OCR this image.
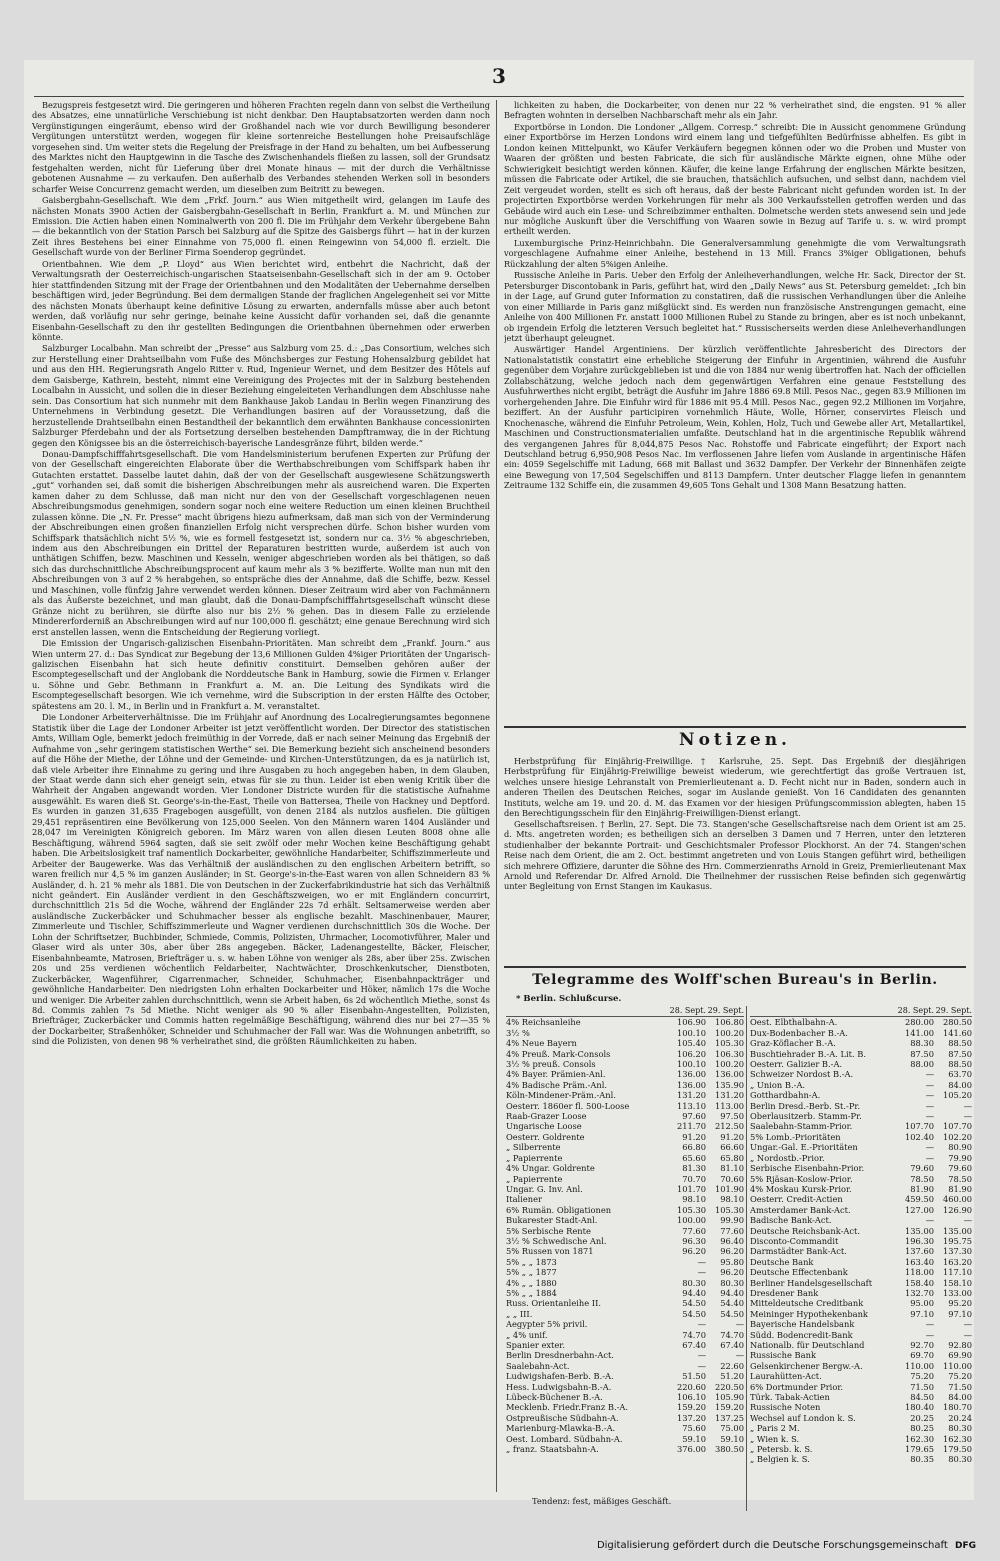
3

Bezugspreis festgesetzt wird. Die geringeren und höheren Frachten regeln dann von selbst die Vertheilung des Absatzes, eine unnatürliche Verschiebung ist nicht denkbar. Den Hauptabsatzorten werden dann noch Vergünstigungen eingeräumt, ebenso wird der Großhandel nach wie vor durch Bewilligung besonderer Vergütungen unterstützt werden, wogegen für kleine sortenreiche Bestellungen hohe Preisaufschläge vorgesehen sind. Um weiter stets die Regelung der Preisfrage in der Hand zu behalten, um bei Aufbesserung des Marktes nicht den Hauptgewinn in die Tasche des Zwischenhandels fließen zu lassen, soll der Grundsatz festgehalten werden, nicht für Lieferung über drei Monate hinaus — mit der durch die Verhältnisse gebotenen Ausnahme — zu verkaufen. Den außerhalb des Verbandes stehenden Werken soll in besonders scharfer Weise Concurrenz gemacht werden, um dieselben zum Beitritt zu bewegen.

Gaisbergbahn-Gesellschaft. Wie dem „Frkf. Journ.“ aus Wien mitgetheilt wird, gelangen im Laufe des nächsten Monats 3900 Actien der Gaisbergbahn-Gesellschaft in Berlin, Frankfurt a. M. und München zur Emission. Die Actien haben einen Nominalwerth von 200 fl. Die im Frühjahr dem Verkehr übergebene Bahn — die bekanntlich von der Station Parsch bei Salzburg auf die Spitze des Gaisbergs führt — hat in der kurzen Zeit ihres Bestehens bei einer Einnahme von 75,000 fl. einen Reingewinn von 54,000 fl. erzielt. Die Gesellschaft wurde von der Berliner Firma Soenderop gegründet.

Orientbahnen. Wie dem „P. Lloyd“ aus Wien berichtet wird, entbehrt die Nachricht, daß der Verwaltungsrath der Oesterreichisch-ungarischen Staatseisenbahn-Gesellschaft sich in der am 9. October hier stattfindenden Sitzung mit der Frage der Orientbahnen und den Modalitäten der Uebernahme derselben beschäftigen wird, jeder Begründung. Bei dem dermaligen Stande der fraglichen Angelegenheit sei vor Mitte des nächsten Monats überhaupt keine definitive Lösung zu erwarten, andernfalls müsse aber auch betont werden, daß vorläufig nur sehr geringe, beinahe keine Aussicht dafür vorhanden sei, daß die genannte Eisenbahn-Gesellschaft zu den ihr gestellten Bedingungen die Orientbahnen übernehmen oder erwerben könnte.

Salzburger Localbahn. Man schreibt der „Presse“ aus Salzburg vom 25. d.: „Das Consortium, welches sich zur Herstellung einer Drahtseilbahn vom Fuße des Mönchsberges zur Festung Hohensalzburg gebildet hat und aus den HH. Regierungsrath Angelo Ritter v. Rud, Ingenieur Wernet, und dem Besitzer des Hôtels auf dem Gaisberge, Kathrein, besteht, nimmt eine Vereinigung des Projectes mit der in Salzburg bestehenden Localbahn in Aussicht, und sollen die in dieser Beziehung eingeleiteten Verhandlungen dem Abschlusse nahe sein. Das Consortium hat sich nunmehr mit dem Bankhause Jakob Landau in Berlin wegen Finanzirung des Unternehmens in Verbindung gesetzt. Die Verhandlungen basiren auf der Voraussetzung, daß die herzustellende Drahtseilbahn einen Bestandtheil der bekanntlich dem erwähnten Bankhause concessionirten Salzburger Pferdebahn und der als Fortsetzung derselben bestehenden Dampftramway, die in der Richtung gegen den Königssee bis an die österreichisch-bayerische Landesgränze führt, bilden werde.“

Donau-Dampfschifffahrtsgesellschaft. Die vom Handelsministerium berufenen Experten zur Prüfung der von der Gesellschaft eingereichten Elaborate über die Werthabschreibungen vom Schiffspark haben ihr Gutachten erstattet. Dasselbe lautet dahin, daß der von der Gesellschaft ausgewiesene Schätzungswerth „gut“ vorhanden sei, daß somit die bisherigen Abschreibungen mehr als ausreichend waren. Die Experten kamen daher zu dem Schlusse, daß man nicht nur den von der Gesellschaft vorgeschlagenen neuen Abschreibungsmodus genehmigen, sondern sogar noch eine weitere Reduction um einen kleinen Bruchtheil zulassen könne. Die „N. Fr. Presse“ macht übrigens hiezu aufmerksam, daß man sich von der Verminderung der Abschreibungen einen großen finanziellen Erfolg nicht versprechen dürfe. Schon bisher wurden vom Schiffspark thatsächlich nicht 5½ %, wie es formell festgesetzt ist, sondern nur ca. 3½ % abgeschrieben, indem aus den Abschreibungen ein Drittel der Reparaturen bestritten wurde, außerdem ist auch von unthätigen Schiffen, bezw. Maschinen und Kesseln, weniger abgeschrieben worden als bei thätigen, so daß sich das durchschnittliche Abschreibungsprocent auf kaum mehr als 3 % bezifferte. Wollte man nun mit den Abschreibungen von 3 auf 2 % herabgehen, so entspräche dies der Annahme, daß die Schiffe, bezw. Kessel und Maschinen, volle fünfzig Jahre verwendet werden können. Dieser Zeitraum wird aber von Fachmännern als das Äußerste bezeichnet, und man glaubt, daß die Donau-Dampfschifffahrtsgesellschaft wünscht diese Gränze nicht zu berühren, sie dürfte also nur bis 2½ % gehen. Das in diesem Falle zu erzielende Mindererforderniß an Abschreibungen wird auf nur 100,000 fl. geschätzt; eine genaue Berechnung wird sich erst anstellen lassen, wenn die Entscheidung der Regierung vorliegt.

Die Emission der Ungarisch-galizischen Eisenbahn-Prioritäten. Man schreibt dem „Frankf. Journ.“ aus Wien unterm 27. d.: Das Syndicat zur Begebung der 13,6 Millionen Gulden 4%iger Prioritäten der Ungarisch-galizischen Eisenbahn hat sich heute definitiv constituirt. Demselben gehören außer der Escomptegesellschaft und der Anglobank die Norddeutsche Bank in Hamburg, sowie die Firmen v. Erlanger u. Söhne und Gebr. Bethmann in Frankfurt a. M. an. Die Leitung des Syndikats wird die Escomptegesellschaft besorgen. Wie ich vernehme, wird die Subscription in der ersten Hälfte des October, spätestens am 20. l. M., in Berlin und in Frankfurt a. M. veranstaltet.

Die Londoner Arbeiterverhältnisse. Die im Frühjahr auf Anordnung des Localregierungsamtes begonnene Statistik über die Lage der Londoner Arbeiter ist jetzt veröffentlicht worden. Der Director des statistischen Amts, William Ogle, bemerkt jedoch freimüthig in der Vorrede, daß er nach seiner Meinung das Ergebniß der Aufnahme von „sehr geringem statistischen Werthe“ sei. Die Bemerkung bezieht sich anscheinend besonders auf die Höhe der Miethe, der Löhne und der Gemeinde- und Kirchen-Unterstützungen, da es ja natürlich ist, daß viele Arbeiter ihre Einnahme zu gering und ihre Ausgaben zu hoch angegeben haben, in dem Glauben, der Staat werde dann sich eher geneigt sein, etwas für sie zu thun. Leider ist eben wenig Kritik über die Wahrheit der Angaben angewandt worden. Vier Londoner Districte wurden für die statistische Aufnahme ausgewählt. Es waren dieß St. George's-in-the-East, Theile von Battersea, Theile von Hackney und Deptford. Es wurden in ganzen 31,635 Fragebogen ausgefüllt, von denen 2184 als nutzlos ausfielen. Die gültigen 29,451 repräsentiren eine Bevölkerung von 125,000 Seelen. Von den Männern waren 1404 Ausländer und 28,047 im Vereinigten Königreich geboren. Im März waren von allen diesen Leuten 8008 ohne alle Beschäftigung, während 5964 sagten, daß sie seit zwölf oder mehr Wochen keine Beschäftigung gehabt haben. Die Arbeitslosigkeit traf namentlich Dockarbeiter, gewöhnliche Handarbeiter, Schiffszimmerleute und Arbeiter der Baugewerke. Was das Verhältniß der ausländischen zu den englischen Arbeitern betrifft, so waren freilich nur 4,5 % im ganzen Ausländer; in St. George's-in-the-East waren von allen Schneidern 83 % Ausländer, d. h. 21 % mehr als 1881. Die von Deutschen in der Zuckerfabrikindustrie hat sich das Verhältniß nicht geändert. Ein Ausländer verdient in den Geschäftszweigen, wo er mit Engländern concurrirt, durchschnittlich 21s 5d die Woche, während der Engländer 22s 7d erhält. Seltsamerweise werden aber ausländische Zuckerbäcker und Schuhmacher besser als englische bezahlt. Maschinenbauer, Maurer, Zimmerleute und Tischler, Schiffszimmerleute und Wagner verdienen durchschnittlich 30s die Woche. Der Lohn der Schriftsetzer, Buchbinder, Schmiede, Commis, Polizisten, Uhrmacher, Locomotivführer, Maler und Glaser wird als unter 30s, aber über 28s angegeben. Bäcker, Ladenangestellte, Bäcker, Fleischer, Eisenbahnbeamte, Matrosen, Briefträger u. s. w. haben Löhne von weniger als 28s, aber über 25s. Zwischen 20s und 25s verdienen wöchentlich Feldarbeiter, Nachtwächter, Droschkenkutscher, Dienstboten, Zuckerbäcker, Wagenführer, Cigarrenmacher, Schneider, Schuhmacher, Eisenbahnpackträger und gewöhnliche Handarbeiter. Den niedrigsten Lohn erhalten Dockarbeiter und Höker, nämlich 17s die Woche und weniger. Die Arbeiter zahlen durchschnittlich, wenn sie Arbeit haben, 6s 2d wöchentlich Miethe, sonst 4s 8d. Commis zahlen 7s 5d Miethe. Nicht weniger als 90 % aller Eisenbahn-Angestellten, Polizisten, Briefträger, Zuckerbäcker und Commis hatten regelmäßige Beschäftigung, während dies nur bei 27—35 % der Dockarbeiter, Straßenhöker, Schneider und Schuhmacher der Fall war. Was die Wohnungen anbetrifft, so sind die Polizisten, von denen 98 % verheirathet sind, die größten Räumlichkeiten zu haben.

lichkeiten zu haben, die Dockarbeiter, von denen nur 22 % verheirathet sind, die engsten. 91 % aller Befragten wohnten in derselben Nachbarschaft mehr als ein Jahr.

Exportbörse in London. Die Londoner „Allgem. Corresp.“ schreibt: Die in Aussicht genommene Gründung einer Exportbörse im Herzen Londons wird einem lang und tiefgefühlten Bedürfnisse abhelfen. Es gibt in London keinen Mittelpunkt, wo Käufer Verkäufern begegnen können oder wo die Proben und Muster von Waaren der größten und besten Fabricate, die sich für ausländische Märkte eignen, ohne Mühe oder Schwierigkeit besichtigt werden können. Käufer, die keine lange Erfahrung der englischen Märkte besitzen, müssen die Fabricate oder Artikel, die sie brauchen, thatsächlich aufsuchen, und selbst dann, nachdem viel Zeit vergeudet worden, stellt es sich oft heraus, daß der beste Fabricant nicht gefunden worden ist. In der projectirten Exportbörse werden Vorkehrungen für mehr als 300 Verkaufsstellen getroffen werden und das Gebäude wird auch ein Lese- und Schreibzimmer enthalten. Dolmetsche werden stets anwesend sein und jede nur mögliche Auskunft über die Verschiffung von Waaren sowie in Bezug auf Tarife u. s. w. wird prompt ertheilt werden.

Luxemburgische Prinz-Heinrichbahn. Die Generalversammlung genehmigte die vom Verwaltungsrath vorgeschlagene Aufnahme einer Anleihe, bestehend in 13 Mill. Francs 3%iger Obligationen, behufs Rückzahlung der alten 5%igen Anleihe.

Russische Anleihe in Paris. Ueber den Erfolg der Anleiheverhandlungen, welche Hr. Sack, Director der St. Petersburger Discontobank in Paris, geführt hat, wird den „Daily News“ aus St. Petersburg gemeldet: „Ich bin in der Lage, auf Grund guter Information zu constatiren, daß die russischen Verhandlungen über die Anleihe von einer Milliarde in Paris ganz mißglückt sind. Es werden nun französische Anstrengungen gemacht, eine Anleihe von 400 Millionen Fr. anstatt 1000 Millionen Rubel zu Stande zu bringen, aber es ist noch unbekannt, ob irgendein Erfolg die letzteren Versuch begleitet hat.“ Russischerseits werden diese Anleiheverhandlungen jetzt überhaupt geleugnet.

Auswärtiger Handel Argentiniens. Der kürzlich veröffentlichte Jahresbericht des Directors der Nationalstatistik constatirt eine erhebliche Steigerung der Einfuhr in Argentinien, während die Ausfuhr gegenüber dem Vorjahre zurückgeblieben ist und die von 1884 nur wenig übertroffen hat. Nach der officiellen Zollabschätzung, welche jedoch nach dem gegenwärtigen Verfahren eine genaue Feststellung des Ausfuhrwerthes nicht ergibt, beträgt die Ausfuhr im Jahre 1886 69.8 Mill. Pesos Nac., gegen 83.9 Millionen im vorhergehenden Jahre. Die Einfuhr wird für 1886 mit 95.4 Mill. Pesos Nac., gegen 92.2 Millionen im Vorjahre, beziffert. An der Ausfuhr participiren vornehmlich Häute, Wolle, Hörner, conservirtes Fleisch und Knochenasche, während die Einfuhr Petroleum, Wein, Kohlen, Holz, Tuch und Gewebe aller Art, Metallartikel, Maschinen und Constructionsmaterialien umfaßte. Deutschland hat in die argentinische Republik während des vergangenen Jahres für 8,044,875 Pesos Nac. Rohstoffe und Fabricate eingeführt; der Export nach Deutschland betrug 6,950,908 Pesos Nac. Im verflossenen Jahre liefen vom Auslande in argentinische Häfen ein: 4059 Segelschiffe mit Ladung, 668 mit Ballast und 3632 Dampfer. Der Verkehr der Binnenhäfen zeigte eine Bewegung von 17,504 Segelschiffen und 8113 Dampfern. Unter deutscher Flagge liefen in genanntem Zeitraume 132 Schiffe ein, die zusammen 49,605 Tons Gehalt und 1308 Mann Besatzung hatten.

Notizen.

Herbstprüfung für Einjährig-Freiwillige. † Karlsruhe, 25. Sept. Das Ergebniß der diesjährigen Herbstprüfung für Einjährig-Freiwillige beweist wiederum, wie gerechtfertigt das große Vertrauen ist, welches unsere hiesige Lehranstalt von Premierlieutenant a. D. Fecht nicht nur in Baden, sondern auch in anderen Theilen des Deutschen Reiches, sogar im Auslande genießt. Von 16 Candidaten des genannten Instituts, welche am 19. und 20. d. M. das Examen vor der hiesigen Prüfungscommission ablegten, haben 15 den Berechtigungsschein für den Einjährig-Freiwilligen-Dienst erlangt.

Gesellschaftsreisen. † Berlin, 27. Sept. Die 73. Stangen'sche Gesellschaftsreise nach dem Orient ist am 25. d. Mts. angetreten worden; es betheiligen sich an derselben 3 Damen und 7 Herren, unter den letzteren studienhalber der bekannte Portrait- und Geschichtsmaler Professor Plockhorst. An der 74. Stangen'schen Reise nach dem Orient, die am 2. Oct. bestimmt angetreten und von Louis Stangen geführt wird, betheiligen sich mehrere Offiziere, darunter die Söhne des Hrn. Commerzienraths Arnold in Greiz, Premierlieutenant Max Arnold und Referendar Dr. Alfred Arnold. Die Theilnehmer der russischen Reise befinden sich gegenwärtig unter Begleitung von Ernst Stangen im Kaukasus.

Telegramme des Wolff'schen Bureau's in Berlin.
* Berlin. Schlußcurse.
28. Sept. 29. Sept.
4% Reichsanleihe	106.90	106.80
3½ %	100.10	100.20
4% Neue Bayern	105.40	105.30
4% Preuß. Mark-Consols	106.20	106.30
3½ % preuß. Consols	100.10	100.20
4% Bayer. Prämien-Anl.	136.00	136.00
4% Badische Präm.-Anl.	136.00	135.90
Köln-Mindener-Präm.-Anl.	131.20	131.20
Oesterr. 1860er fl. 500-Loose	113.10	113.00
Raab-Grazer Loose	97.60	97.50
Ungarische Loose	211.70	212.50
Oesterr. Goldrente	91.20	91.20
„ Silberrente	66.80	66.60
„ Papierrente	65.60	65.80
4% Ungar. Goldrente	81.30	81.10
„ Papierrente	70.70	70.60
Ungar. G. Inv. Anl.	101.70	101.90
Italiener	98.10	98.10
6% Rumän. Obligationen	105.30	105.30
Bukarester Stadt-Anl.	100.00	99.90
5% Serbische Rente	77.60	77.60
3½ % Schwedische Anl.	96.30	96.40
5% Russen von 1871	96.20	96.20
5% „ „ 1873	—	95.80
5% „ „ 1877	—	96.20
4% „ „ 1880	80.30	80.30
5% „ „ 1884	94.40	94.40
Russ. Orientanleihe II.	54.50	54.40
„ „ III.	54.50	54.50
Aegypter 5% privil.	—	—
„ 4% unif.	74.70	74.70
Spanier exter.	67.40	67.40
Berlin Dresdnerbahn-Act.	—	—
Saalebahn-Act.	—	22.60
Ludwigshafen-Berb. B.-A.	51.50	51.20
Hess. Ludwigsbahn-B.-A.	220.60	220.50
Lübeck-Büchener B.-A.	106.10	105.90
Mecklenb. Friedr.Franz B.-A.	159.20	159.20
Ostpreußische Südbahn-A.	137.20	137.25
Marienburg-Mlawka-B.-A.	75.60	75.00
Oest. Lombard. Südbahn-A.	59.10	59.10
„ franz. Staatsbahn-A.	376.00	380.50
28. Sept. 29. Sept.
Oest. Elbthalbahn-A.	280.00	280.50
Dux-Bodenbacher B.-A.	141.00	141.60
Graz-Köflacher B.-A.	88.30	88.50
Buschtiehrader B.-A. Lit. B.	87.50	87.50
Oesterr. Galizier B.-A.	88.00	88.50
Schweizer Nordost B.-A.	—	63.70
„ Union B.-A.	—	84.00
Gotthardbahn-A.	—	105.20
Berlin Dresd.-Berb. St.-Pr.	—	—
Oberlausitzerb. Stamm-Pr.	—	—
Saalebahn-Stamm-Prior.	107.70	107.70
5% Lomb.-Prioritäten	102.40	102.20
Ungar.-Gal. E.-Prioritäten	—	80.90
„ Nordostb.-Prior.	—	79.90
Serbische Eisenbahn-Prior.	79.60	79.60
5% Rjäsan-Koslow-Prior.	78.50	78.50
4% Moskau Kursk-Prior.	81.90	81.90
Oesterr. Credit-Actien	459.50	460.00
Amsterdamer Bank-Act.	127.00	126.90
Badische Bank-Act.	—	—
Deutsche Reichsbank-Act.	135.00	135.00
Disconto-Commandit	196.30	195.75
Darmstädter Bank-Act.	137.60	137.30
Deutsche Bank	163.40	163.20
Deutsche Effectenbank	118.00	117.10
Berliner Handelsgesellschaft	158.40	158.10
Dresdener Bank	132.70	133.00
Mitteldeutsche Creditbank	95.00	95.20
Meininger Hypothekenbank	97.10	97.10
Bayerische Handelsbank	—	—
Südd. Bodencredit-Bank	—	—
Nationalb. für Deutschland	92.70	92.80
Russische Bank	69.70	69.90
Gelsenkirchener Bergw.-A.	110.00	110.00
Laurahütten-Act.	75.20	75.20
6% Dortmunder Prior.	71.50	71.50
Türk. Tabak-Actien	84.50	84.00
Russische Noten	180.40	180.70
Wechsel auf London k. S.	20.25	20.24
„ Paris 2 M.	80.25	80.30
„ Wien k. S.	162.30	162.30
„ Petersb. k. S.	179.65	179.50
„ Belgien k. S.	80.35	80.30
Tendenz: fest, mäßiges Geschäft.
Digitalisierung gefördert durch die Deutsche Forschungsgemeinschaft DFG
